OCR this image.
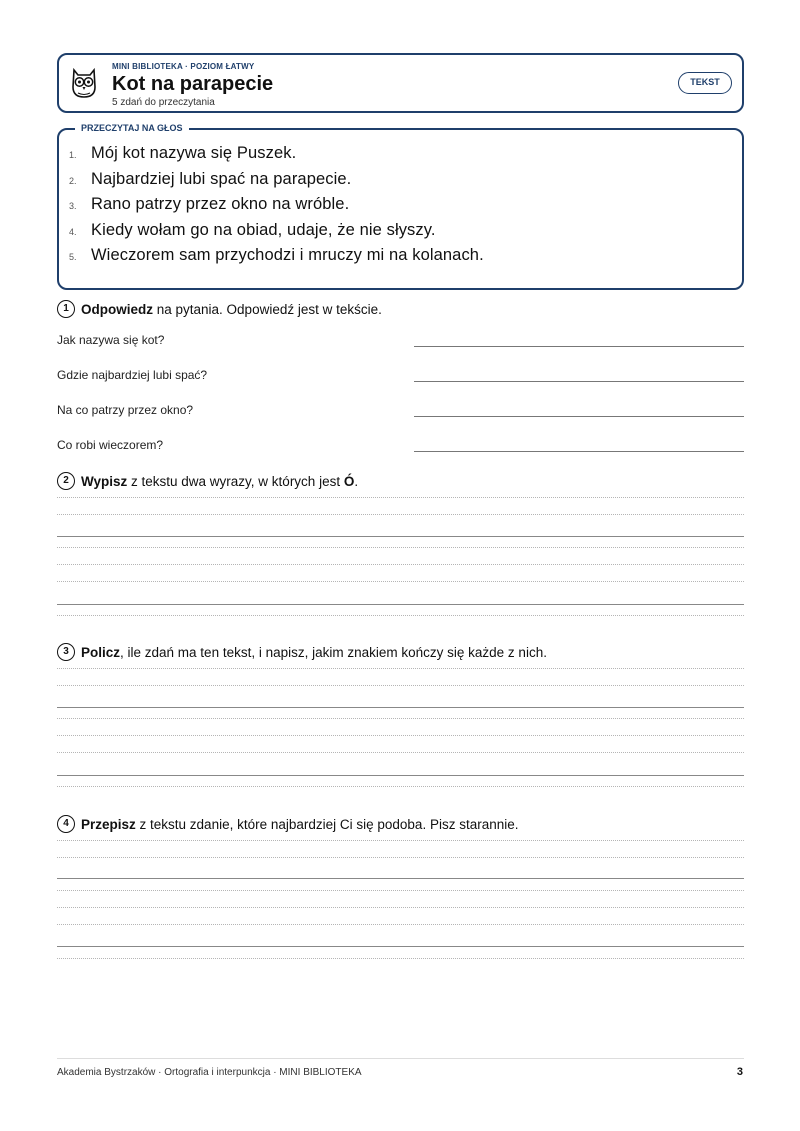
MINI BIBLIOTEKA · POZIOM ŁATWY
Kot na parapecie
5 zdań do przeczytania
TEKST
PRZECZYTAJ NA GŁOS
1. Mój kot nazywa się Puszek.
2. Najbardziej lubi spać na parapecie.
3. Rano patrzy przez okno na wróble.
4. Kiedy wołam go na obiad, udaje, że nie słyszy.
5. Wieczorem sam przychodzi i mruczy mi na kolanach.
1 Odpowiedz na pytania. Odpowiedź jest w tekście.
Jak nazywa się kot?
Gdzie najbardziej lubi spać?
Na co patrzy przez okno?
Co robi wieczorem?
2 Wypisz z tekstu dwa wyrazy, w których jest Ó.
3 Policz, ile zdań ma ten tekst, i napisz, jakim znakiem kończy się każde z nich.
4 Przepisz z tekstu zdanie, które najbardziej Ci się podoba. Pisz starannie.
Akademia Bystrzaków · Ortografia i interpunkcja · MINI BIBLIOTEKA	3
